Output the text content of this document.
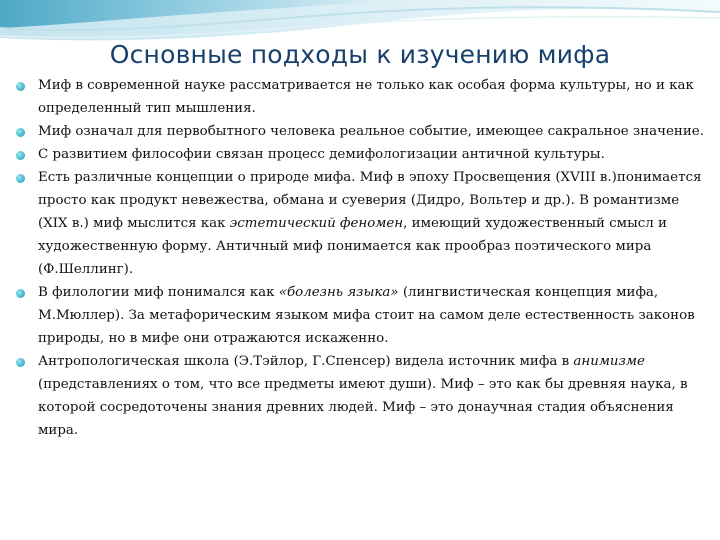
Основные подходы к изучению мифа
Миф в современной науке рассматривается не только как особая форма культуры, но и как определенный тип мышления.
Миф означал для первобытного человека реальное событие, имеющее сакральное значение.
С развитием философии связан процесс демифологизации античной культуры.
Есть различные концепции о природе мифа. Миф в эпоху Просвещения (XVIII в.)понимается просто как продукт невежества, обмана и суеверия (Дидро, Вольтер и др.). В романтизме (XIX в.) миф мыслится как эстетический феномен, имеющий художественный смысл и художественную форму. Античный миф понимается как прообраз поэтического мира (Ф.Шеллинг).
В филологии миф понимался как «болезнь языка» (лингвистическая концепция мифа, М.Мюллер). За метафорическим языком мифа стоит на самом деле естественность законов природы, но в мифе они отражаются искаженно.
Антропологическая школа (Э.Тэйлор, Г.Спенсер) видела источник мифа в анимизме (представлениях о том, что все предметы имеют души). Миф – это как бы древняя наука, в которой сосредоточены знания древних людей. Миф – это донаучная стадия объяснения мира.
